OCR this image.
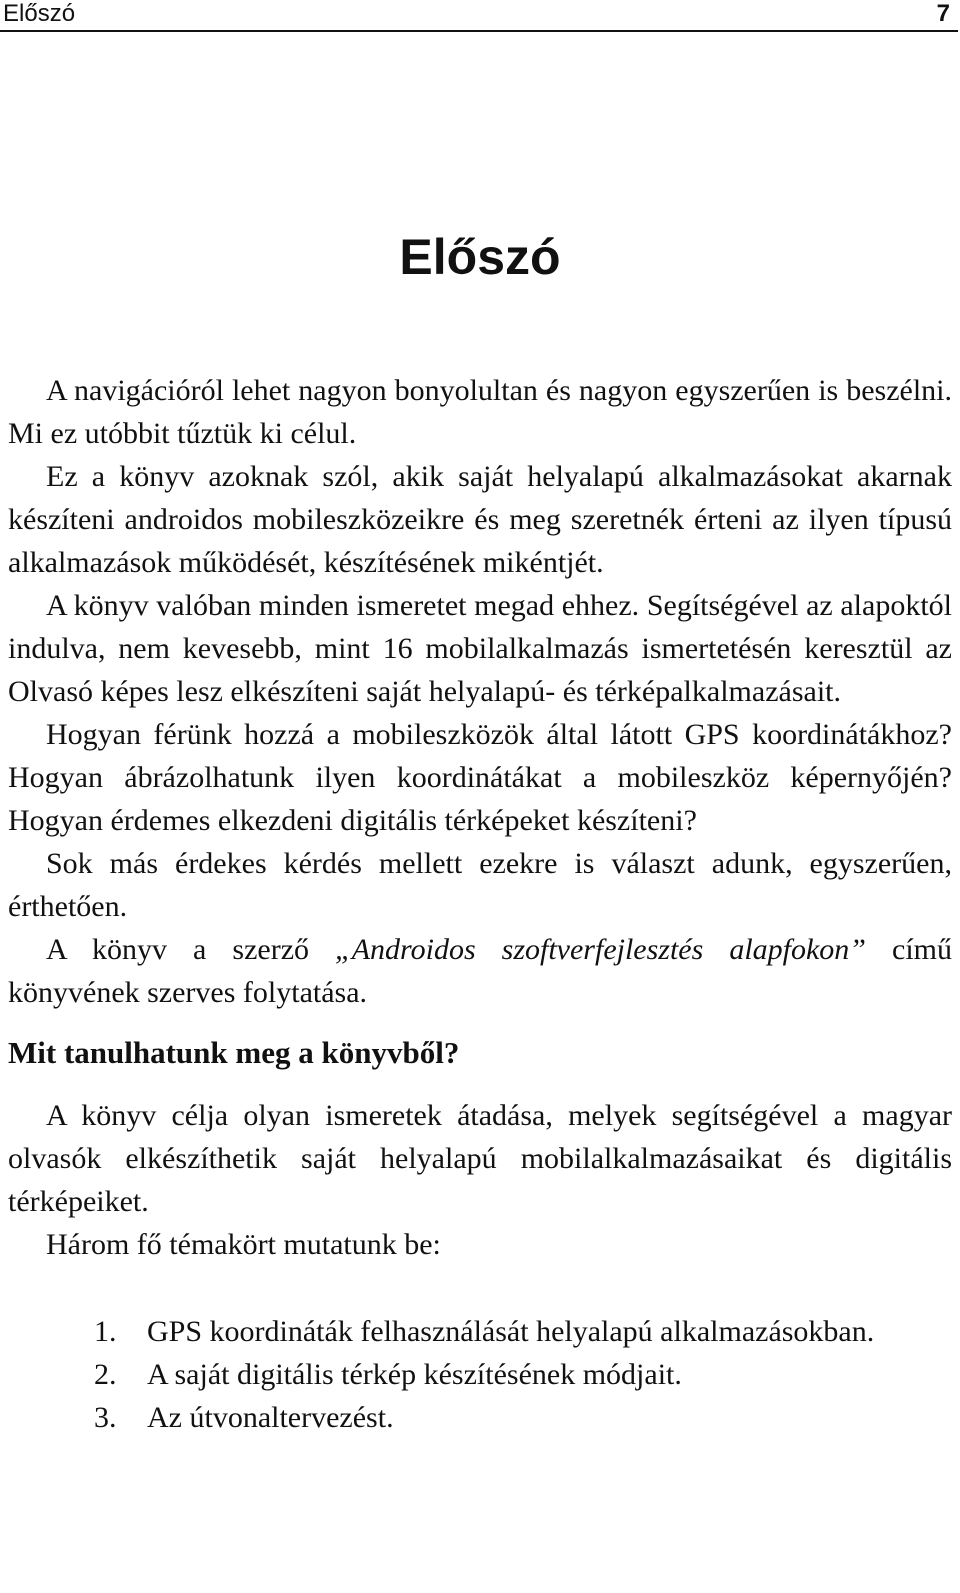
Előszó	7
Előszó

A navigációról lehet nagyon bonyolultan és nagyon egyszerűen is beszélni. Mi ez utóbbit tűztük ki célul.

Ez a könyv azoknak szól, akik saját helyalapú alkalmazásokat akarnak készíteni androidos mobileszközeikre és meg szeretnék érteni az ilyen típusú alkalmazások működését, készítésének mikéntjét.

A könyv valóban minden ismeretet megad ehhez. Segítségével az alapoktól indulva, nem kevesebb, mint 16 mobilalkalmazás ismertetésén keresztül az Olvasó képes lesz elkészíteni saját helyalapú- és térképalkalmazásait.

Hogyan férünk hozzá a mobileszközök által látott GPS koordinátákhoz? Hogyan ábrázolhatunk ilyen koordinátákat a mobileszköz képernyőjén? Hogyan érdemes elkezdeni digitális térképeket készíteni?

Sok más érdekes kérdés mellett ezekre is választ adunk, egyszerűen, érthetően.

A könyv a szerző „Androidos szoftverfejlesztés alapfokon” című könyvének szerves folytatása.

Mit tanulhatunk meg a könyvből?

A könyv célja olyan ismeretek átadása, melyek segítségével a magyar olvasók elkészíthetik saját helyalapú mobilalkalmazásaikat és digitális térképeiket.

Három fő témakört mutatunk be:

1. GPS koordináták felhasználását helyalapú alkalmazásokban.
2. A saját digitális térkép készítésének módjait.
3. Az útvonaltervezést.
